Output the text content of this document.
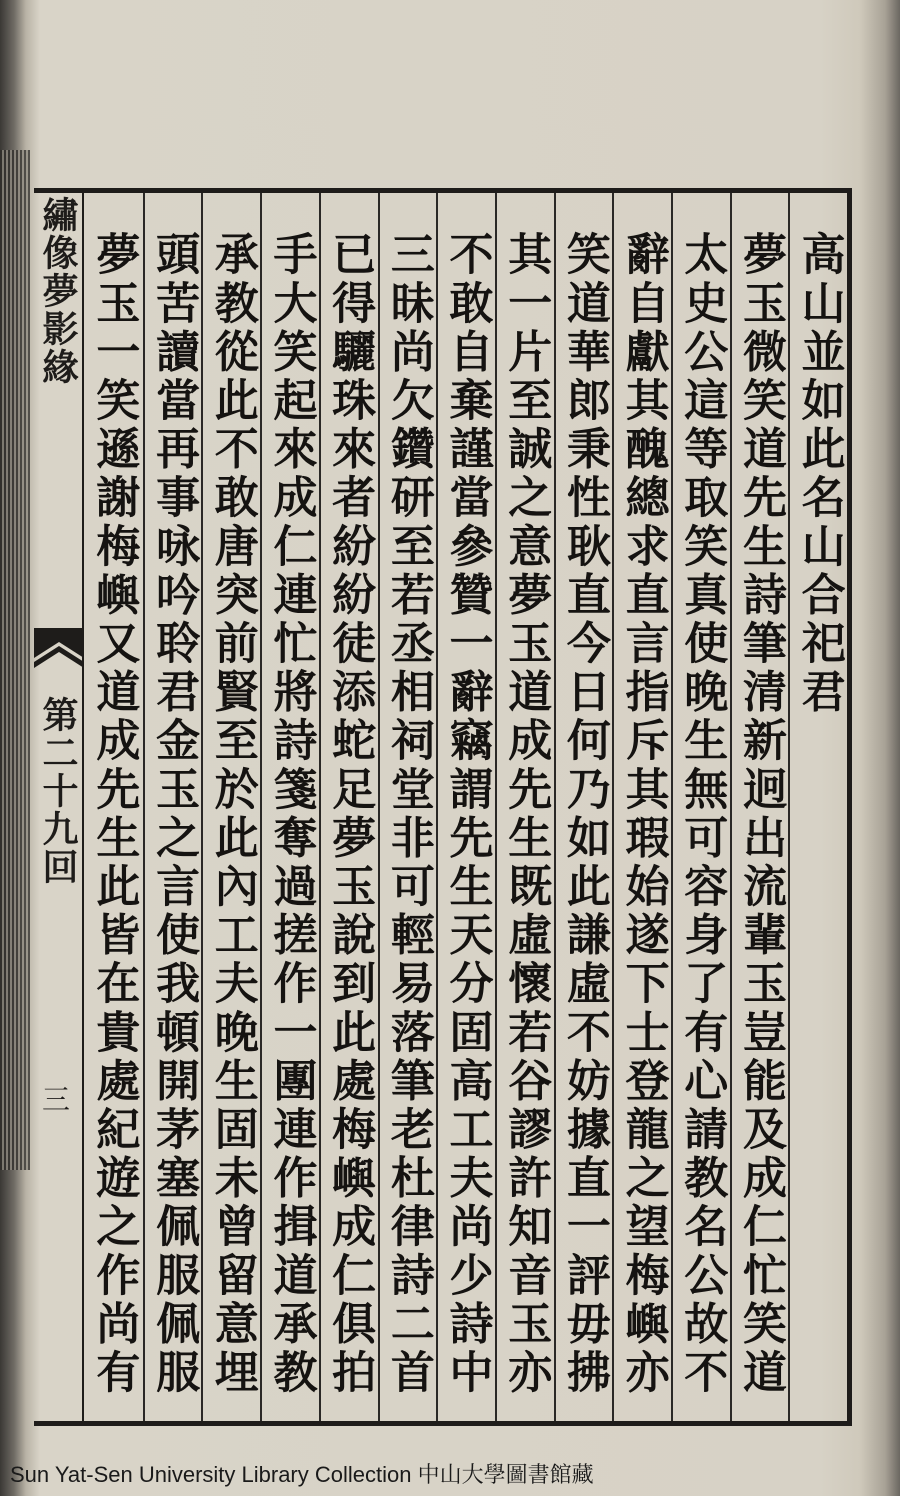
繡像夢影緣
第二十九回
三
高山並如此名山合祀君
夢玉微笑道先生詩筆清新迥出流輩玉豈能及成仁忙笑道
太史公這等取笑真使晚生無可容身了有心請教名公故不
辭自獻其醜總求直言指斥其瑕始遂下士登龍之望梅嶼亦
笑道華郎秉性耿直今日何乃如此謙虛不妨據直一評毋拂
其一片至誠之意夢玉道成先生既虛懷若谷謬許知音玉亦
不敢自棄謹當參贊一辭竊謂先生天分固高工夫尚少詩中
三昧尚欠鑽研至若丞相祠堂非可輕易落筆老杜律詩二首
已得驪珠來者紛紛徒添蛇足夢玉說到此處梅嶼成仁俱拍
手大笑起來成仁連忙將詩箋奪過搓作一團連作揖道承教
承教從此不敢唐突前賢至於此內工夫晚生固未曾留意埋
頭苦讀當再事咏吟聆君金玉之言使我頓開茅塞佩服佩服
夢玉一笑遜謝梅嶼又道成先生此皆在貴處紀遊之作尚有
Sun Yat-Sen University Library Collection 中山大學圖書館藏
